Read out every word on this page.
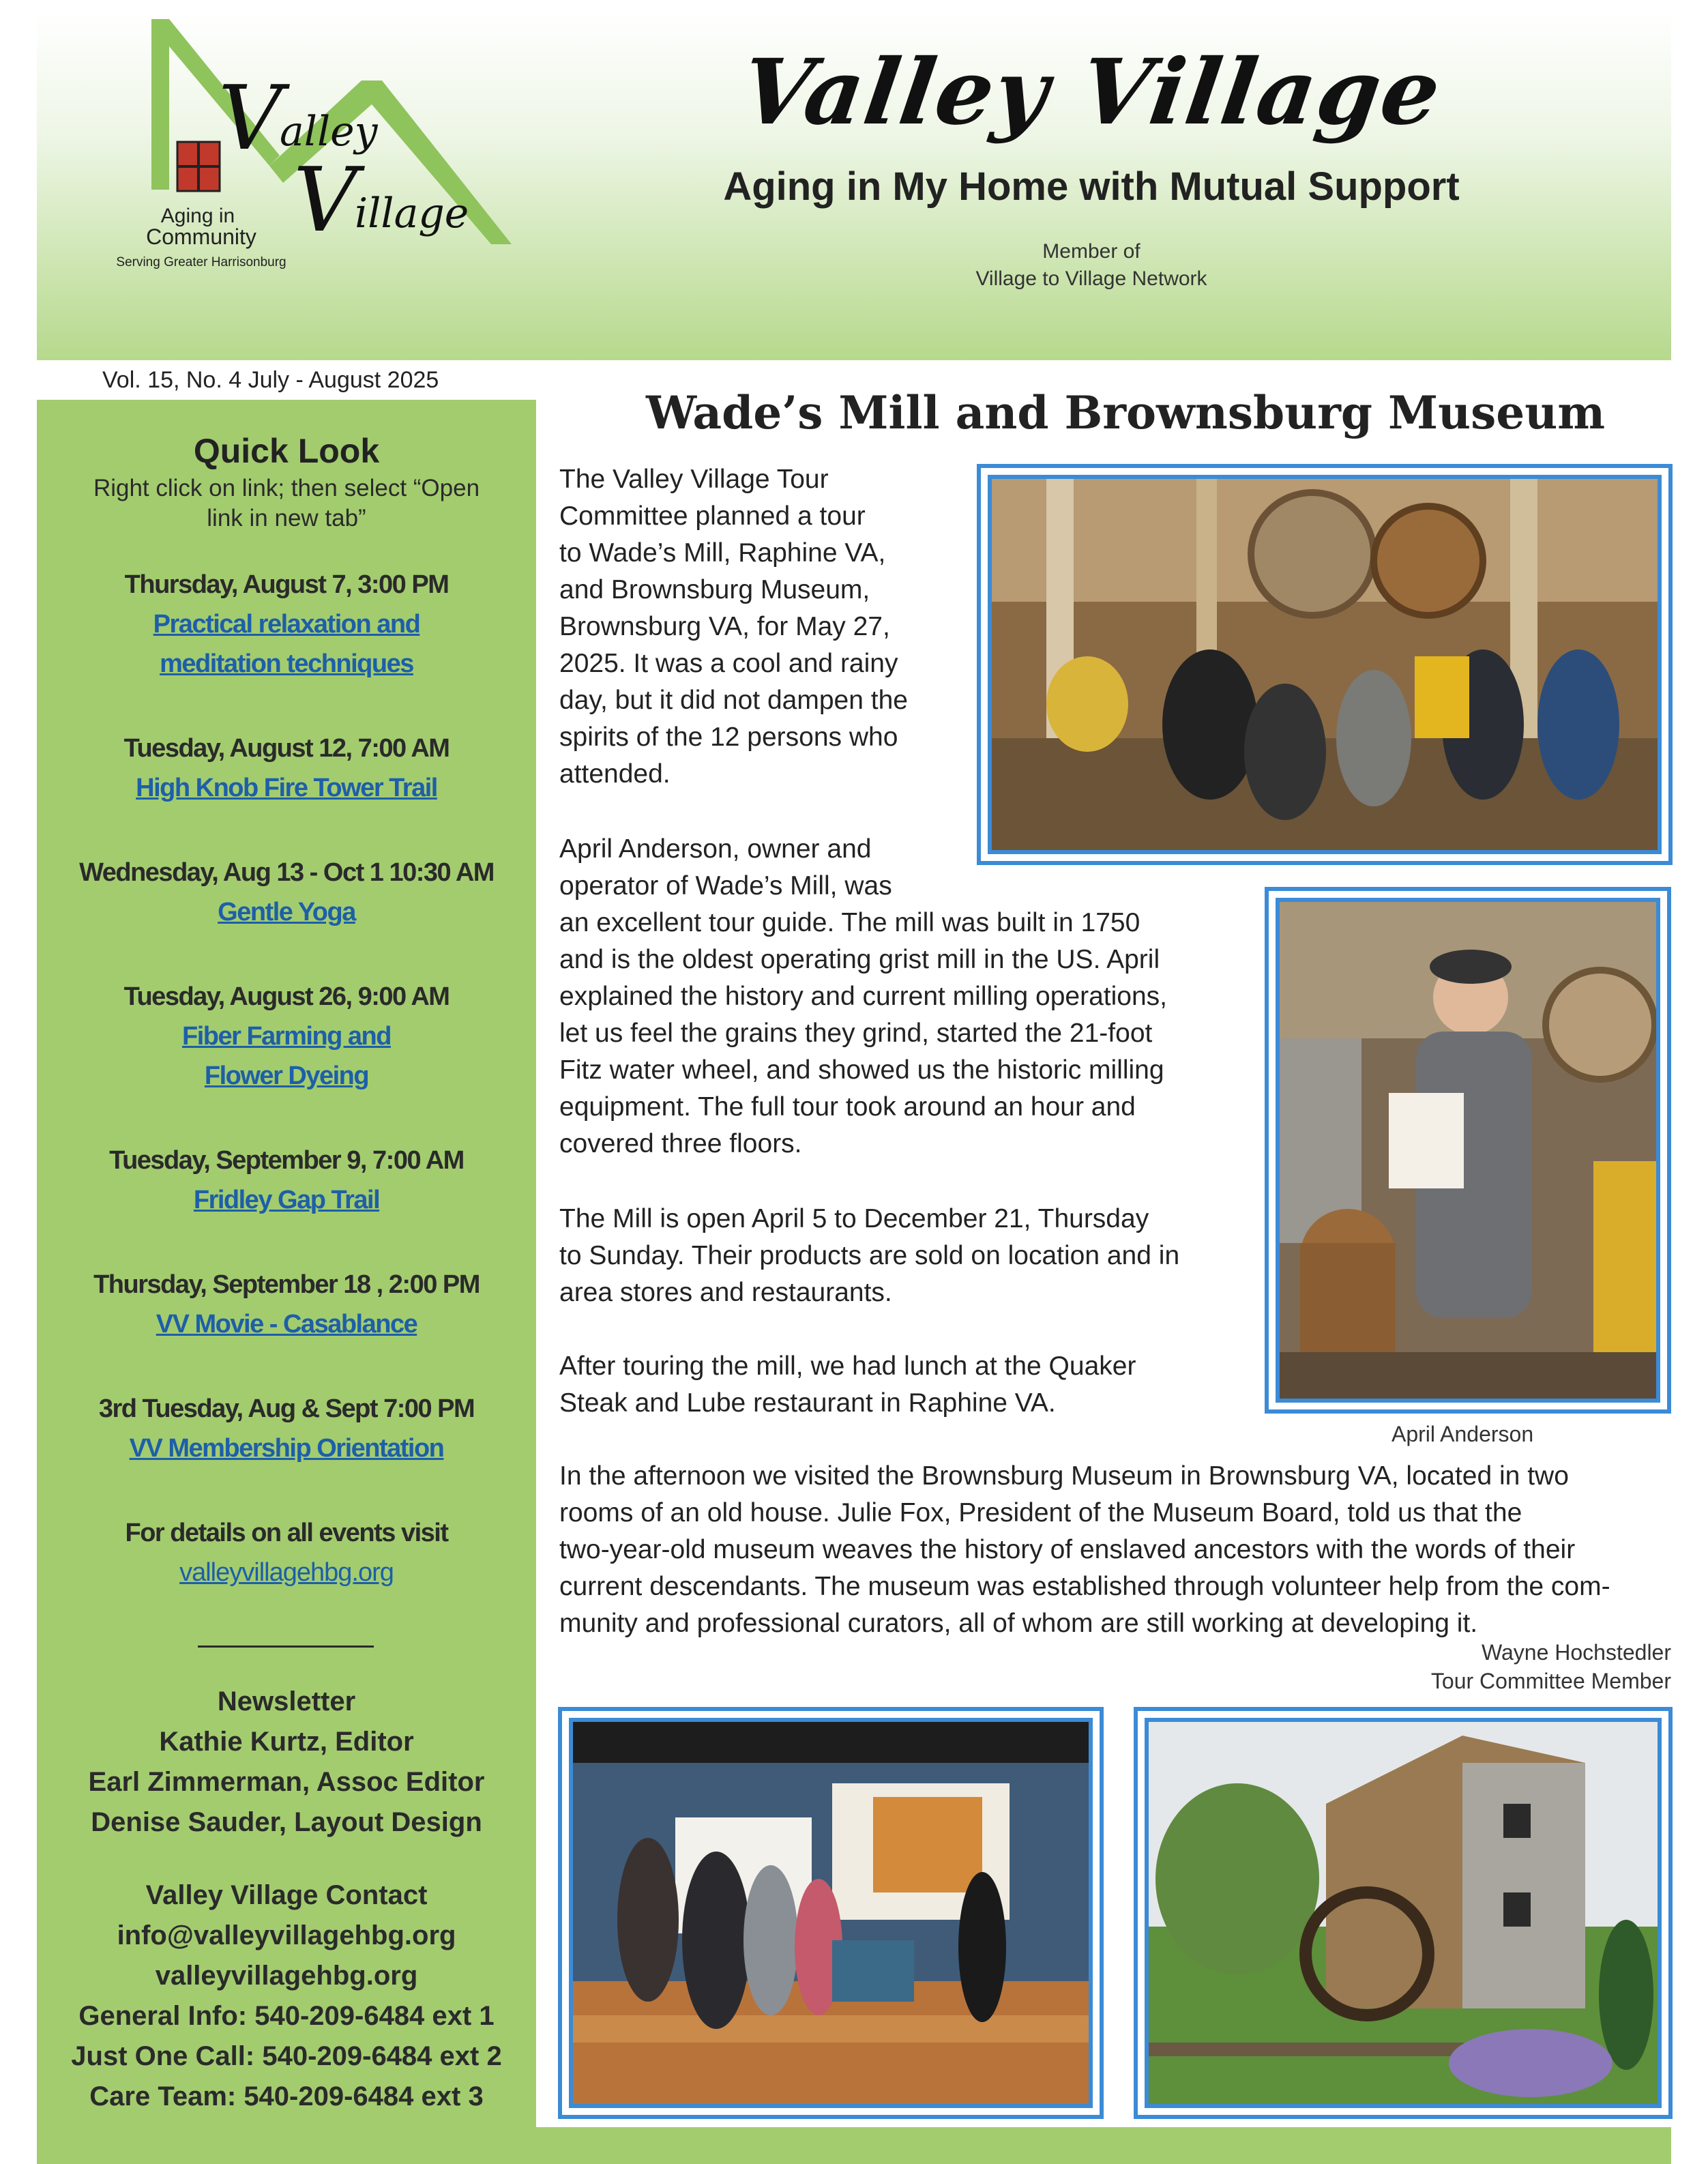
V
alley
V
illage
Aging in
Community
Serving Greater Harrisonburg
Valley Village
Aging in My Home with Mutual Support
Member of
Village to Village Network
Vol. 15, No. 4 July - August 2025
Quick Look
Right click on link; then select “Open
link in new tab”
Thursday, August 7, 3:00 PM
Practical relaxation and
meditation techniques
Tuesday, August 12, 7:00 AM
High Knob Fire Tower Trail
Wednesday, Aug 13 - Oct 1 10:30 AM
Gentle Yoga
Tuesday, August 26, 9:00 AM
Fiber Farming and
Flower Dyeing
Tuesday, September 9, 7:00 AM
Fridley Gap Trail
Thursday, September 18 , 2:00 PM
VV Movie - Casablance
3rd Tuesday, Aug & Sept 7:00 PM
VV Membership Orientation
For details on all events visit
valleyvillagehbg.org
Newsletter
Kathie Kurtz, Editor
Earl Zimmerman, Assoc Editor
Denise Sauder, Layout Design
Valley Village Contact
info@valleyvillagehbg.org
valleyvillagehbg.org
General Info: 540-209-6484 ext 1
Just One Call: 540-209-6484 ext 2
Care Team: 540-209-6484 ext 3
Wade’s Mill and Brownsburg Museum
The Valley Village Tour
Committee planned a tour
to Wade’s Mill, Raphine VA,
and Brownsburg Museum,
Brownsburg VA, for May 27,
2025. It was a cool and rainy
day, but it did not dampen the
spirits of the 12 persons who
attended.
April Anderson, owner and
operator of Wade’s Mill, was
an excellent tour guide. The mill was built in 1750
and is the oldest operating grist mill in the US. April
explained the history and current milling operations,
let us feel the grains they grind, started the 21-foot
Fitz water wheel, and showed us the historic milling
equipment. The full tour took around an hour and
covered three floors.
The Mill is open April 5 to December 21, Thursday
to Sunday. Their products are sold on location and in
area stores and restaurants.
After touring the mill, we had lunch at the Quaker
Steak and Lube restaurant in Raphine VA.
In the afternoon we visited the Brownsburg Museum in Brownsburg VA, located in two
rooms of an old house. Julie Fox, President of the Museum Board, told us that the
two-year-old museum weaves the history of enslaved ancestors with the words of their
current descendants. The museum was established through volunteer help from the com-
munity and professional curators, all of whom are still working at developing it.
Wayne Hochstedler
Tour Committee Member
April Anderson
